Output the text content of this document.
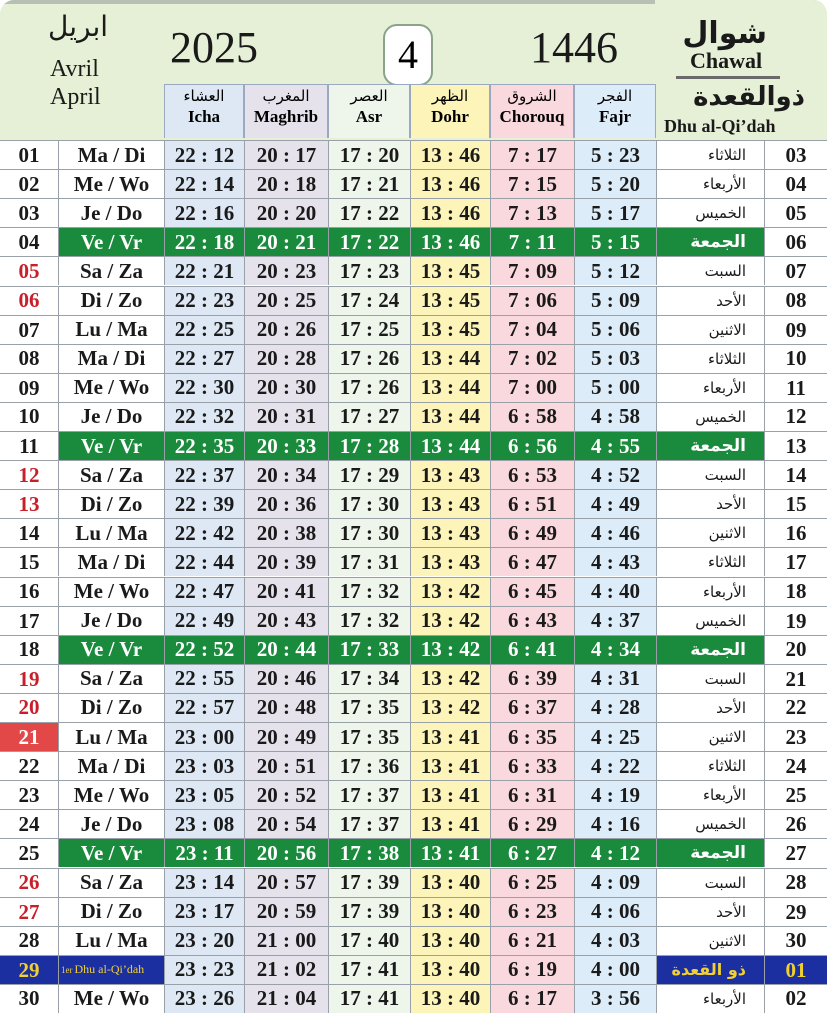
ابريل
Avril
April
2025	4	1446 شوال
Chawal
ذوالقعدة
Dhu al-Qi’dah
العشاء
Icha
المغرب
Maghrib
العصر
Asr
الظهر
Dohr
الشروق
Chorouq
الفجر
Fajr
01	Ma / Di	22 : 12	20 : 17	17 : 20	13 : 46	7 : 17	5 : 23	الثلاثاء	03
02	Me / Wo	22 : 14	20 : 18	17 : 21	13 : 46	7 : 15	5 : 20	الأربعاء	04
03	Je / Do	22 : 16	20 : 20	17 : 22	13 : 46	7 : 13	5 : 17	الخميس	05
04	Ve / Vr	22 : 18	20 : 21	17 : 22	13 : 46	7 : 11	5 : 15	الجمعة	06
05	Sa / Za	22 : 21	20 : 23	17 : 23	13 : 45	7 : 09	5 : 12	السبت	07
06	Di / Zo	22 : 23	20 : 25	17 : 24	13 : 45	7 : 06	5 : 09	الأحد	08
07	Lu / Ma	22 : 25	20 : 26	17 : 25	13 : 45	7 : 04	5 : 06	الاثنين	09
08	Ma / Di	22 : 27	20 : 28	17 : 26	13 : 44	7 : 02	5 : 03	الثلاثاء	10
09	Me / Wo	22 : 30	20 : 30	17 : 26	13 : 44	7 : 00	5 : 00	الأربعاء	11
10	Je / Do	22 : 32	20 : 31	17 : 27	13 : 44	6 : 58	4 : 58	الخميس	12
11	Ve / Vr	22 : 35	20 : 33	17 : 28	13 : 44	6 : 56	4 : 55	الجمعة	13
12	Sa / Za	22 : 37	20 : 34	17 : 29	13 : 43	6 : 53	4 : 52	السبت	14
13	Di / Zo	22 : 39	20 : 36	17 : 30	13 : 43	6 : 51	4 : 49	الأحد	15
14	Lu / Ma	22 : 42	20 : 38	17 : 30	13 : 43	6 : 49	4 : 46	الاثنين	16
15	Ma / Di	22 : 44	20 : 39	17 : 31	13 : 43	6 : 47	4 : 43	الثلاثاء	17
16	Me / Wo	22 : 47	20 : 41	17 : 32	13 : 42	6 : 45	4 : 40	الأربعاء	18
17	Je / Do	22 : 49	20 : 43	17 : 32	13 : 42	6 : 43	4 : 37	الخميس	19
18	Ve / Vr	22 : 52	20 : 44	17 : 33	13 : 42	6 : 41	4 : 34	الجمعة	20
19	Sa / Za	22 : 55	20 : 46	17 : 34	13 : 42	6 : 39	4 : 31	السبت	21
20	Di / Zo	22 : 57	20 : 48	17 : 35	13 : 42	6 : 37	4 : 28	الأحد	22
21	Lu / Ma	23 : 00	20 : 49	17 : 35	13 : 41	6 : 35	4 : 25	الاثنين	23
22	Ma / Di	23 : 03	20 : 51	17 : 36	13 : 41	6 : 33	4 : 22	الثلاثاء	24
23	Me / Wo	23 : 05	20 : 52	17 : 37	13 : 41	6 : 31	4 : 19	الأربعاء	25
24	Je / Do	23 : 08	20 : 54	17 : 37	13 : 41	6 : 29	4 : 16	الخميس	26
25	Ve / Vr	23 : 11	20 : 56	17 : 38	13 : 41	6 : 27	4 : 12	الجمعة	27
26	Sa / Za	23 : 14	20 : 57	17 : 39	13 : 40	6 : 25	4 : 09	السبت	28
27	Di / Zo	23 : 17	20 : 59	17 : 39	13 : 40	6 : 23	4 : 06	الأحد	29
28	Lu / Ma	23 : 20	21 : 00	17 : 40	13 : 40	6 : 21	4 : 03	الاثنين	30
29	1er Dhu al-Qi’dah	23 : 23	21 : 02	17 : 41	13 : 40	6 : 19	4 : 00	ذو القعدة	01
30	Me / Wo	23 : 26	21 : 04	17 : 41	13 : 40	6 : 17	3 : 56	الأربعاء	02
